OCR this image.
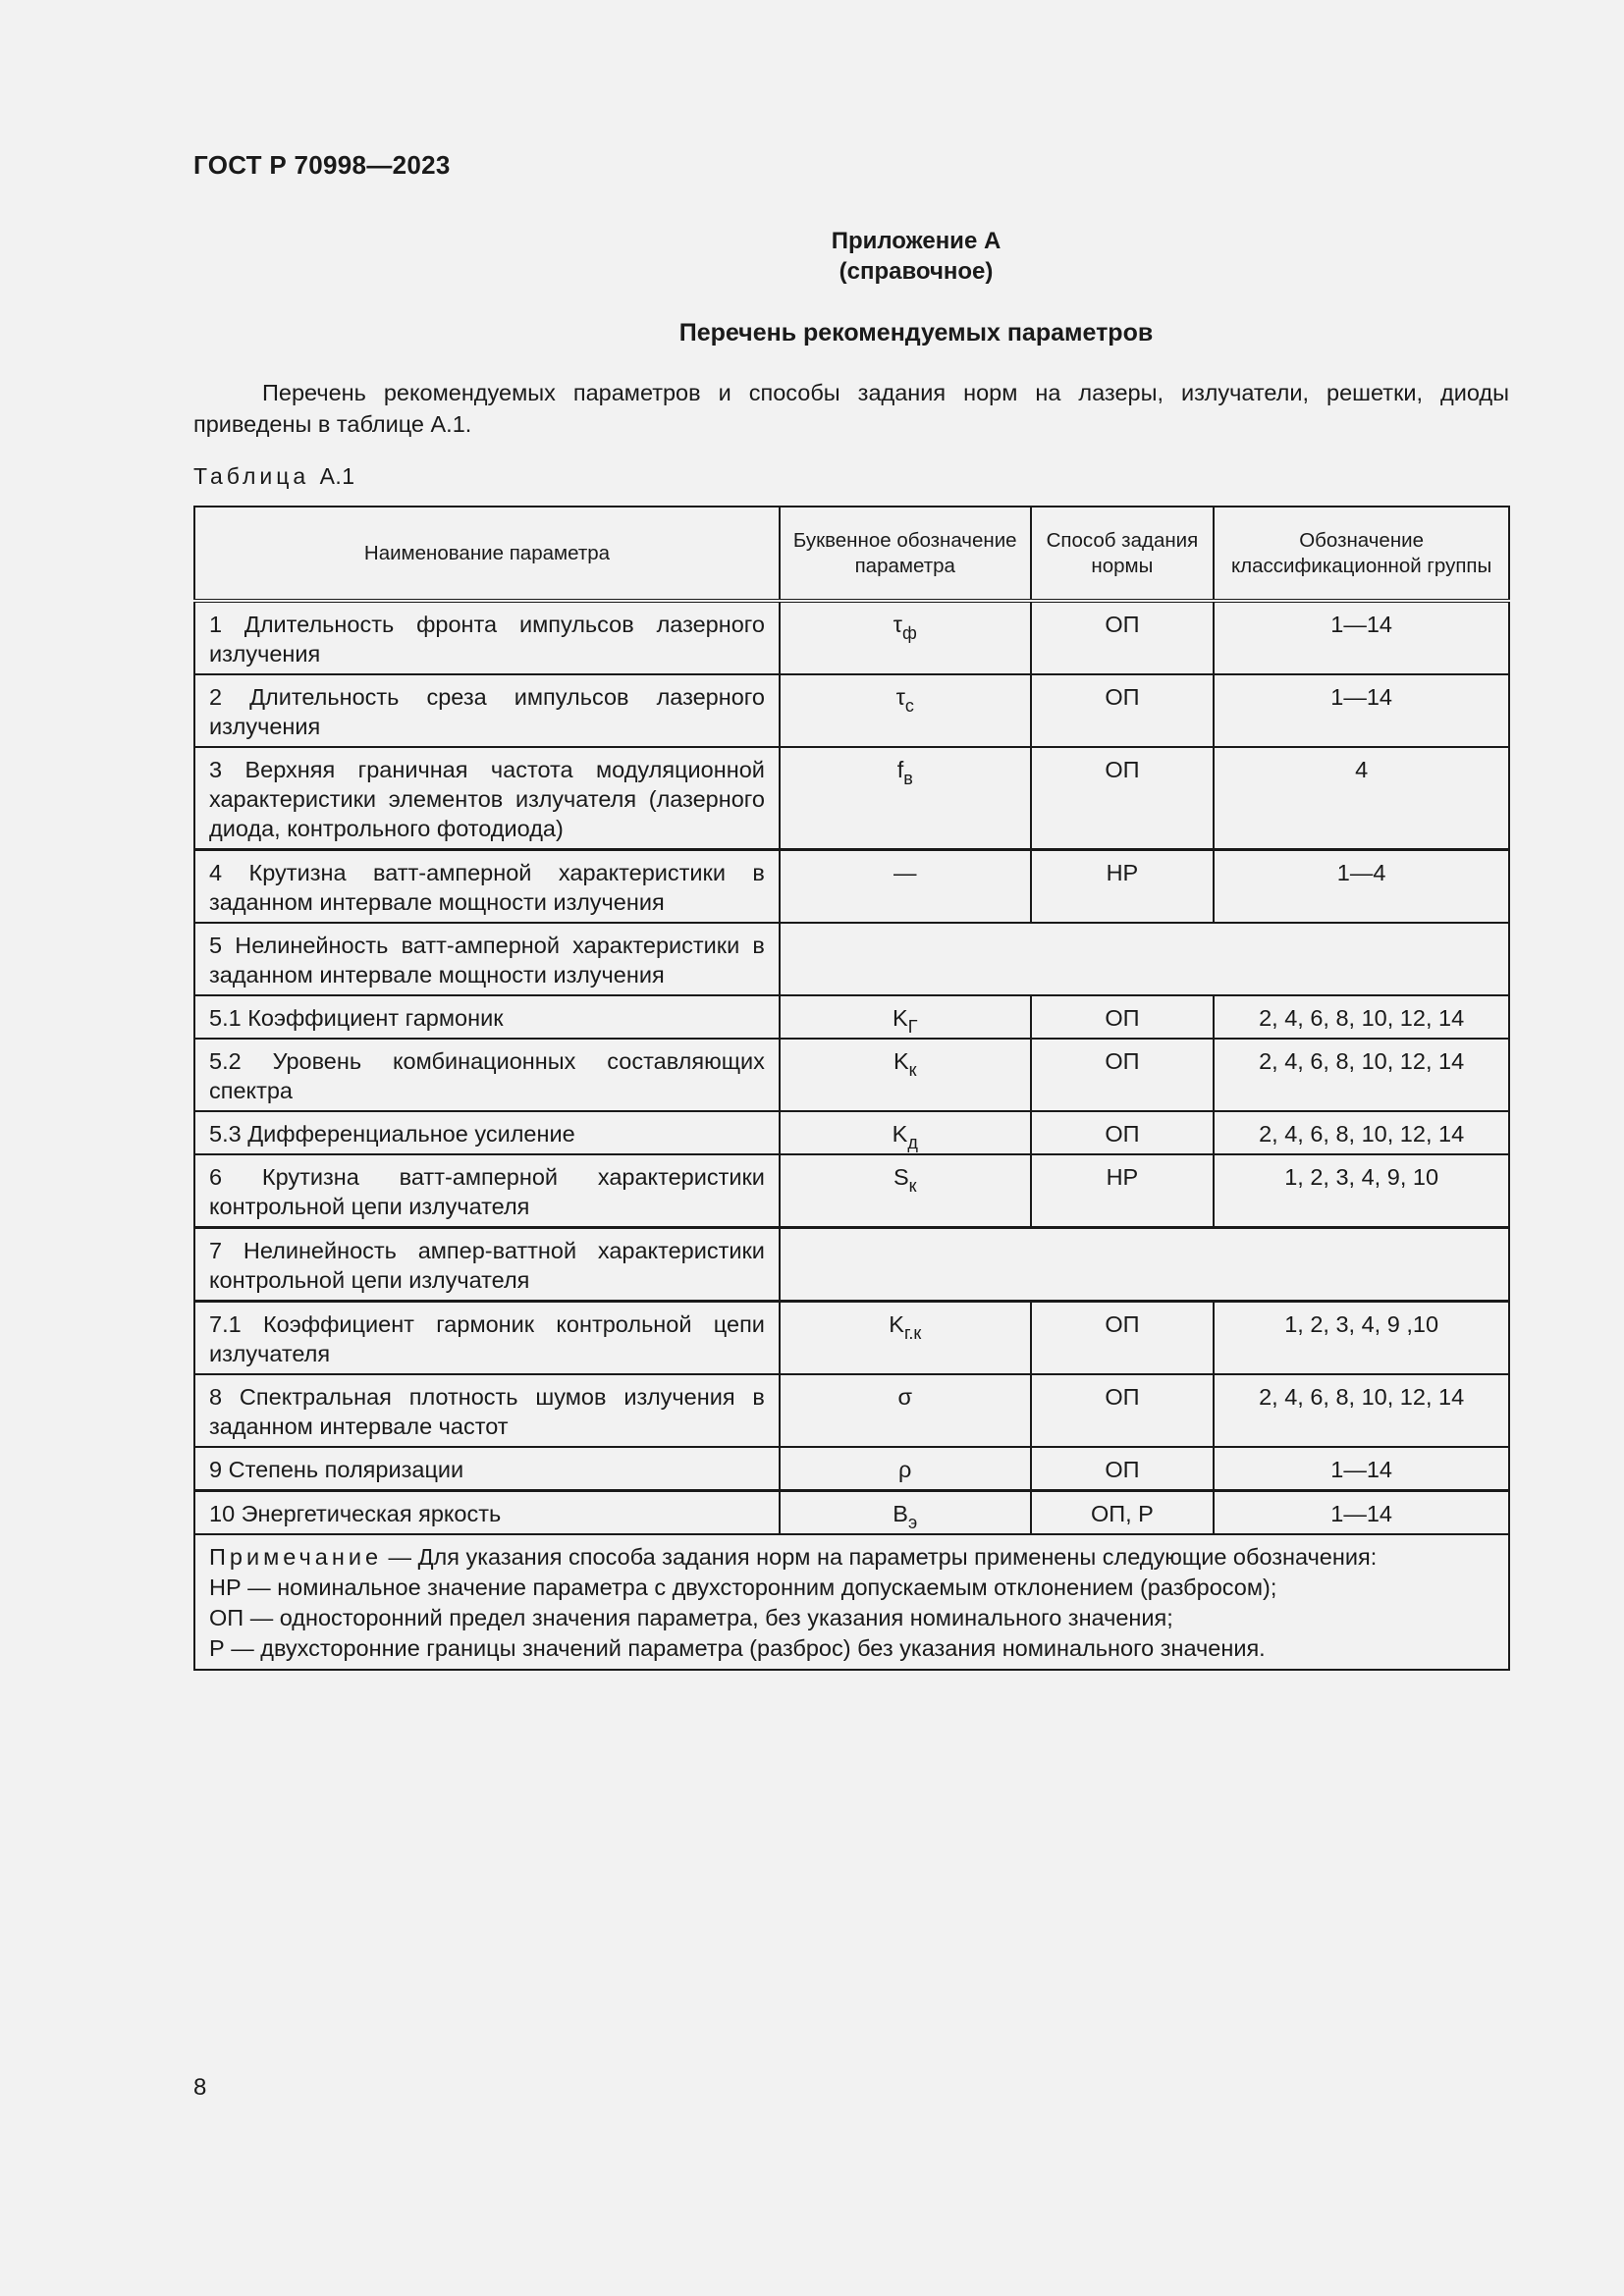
ГОСТ Р 70998—2023
Приложение А
(справочное)
Перечень рекомендуемых параметров
Перечень рекомендуемых параметров и способы задания норм на лазеры, излучатели, решетки, диоды приведены в таблице А.1.
Таблица А.1
Наименование параметра	Буквенное обозначение параметра	Способ задания нормы	Обозначение классификационной группы
1 Длительность фронта импульсов лазерного излучения	$\tau_ф$	ОП	1—14
2 Длительность среза импульсов лазерного излучения	$\tau_с$	ОП	1—14
3 Верхняя граничная частота модуляционной характеристики элементов излучателя (лазерного диода, контрольного фотодиода)	$f_в$	ОП	4
4 Крутизна ватт-амперной характеристики в заданном интервале мощности излучения	—	НР	1—4
5 Нелинейность ватт-амперной характеристики в заданном интервале мощности излучения			
5.1 Коэффициент гармоник	$K_Г$	ОП	2, 4, 6, 8, 10, 12, 14
5.2 Уровень комбинационных составляющих спектра	$K_к$	ОП	2, 4, 6, 8, 10, 12, 14
5.3 Дифференциальное усиление	$K_д$	ОП	2, 4, 6, 8, 10, 12, 14
6 Крутизна ватт-амперной характеристики контрольной цепи излучателя	$S_к$	НР	1, 2, 3, 4, 9, 10
7 Нелинейность ампер-ваттной характеристики контрольной цепи излучателя			
7.1 Коэффициент гармоник контрольной цепи излучателя	$K_{г.к}$	ОП	1, 2, 3, 4, 9 ,10
8 Спектральная плотность шумов излучения в заданном интервале частот	σ	ОП	2, 4, 6, 8, 10, 12, 14
9 Степень поляризации	ρ	ОП	1—14
10 Энергетическая яркость	$B_э$	ОП, Р	1—14

Примечание — Для указания способа задания норм на параметры применены следующие обозначения:
НР — номинальное значение параметра с двухсторонним допускаемым отклонением (разбросом);
ОП — односторонний предел значения параметра, без указания номинального значения;
Р — двухсторонние границы значений параметра (разброс) без указания номинального значения.			
8
